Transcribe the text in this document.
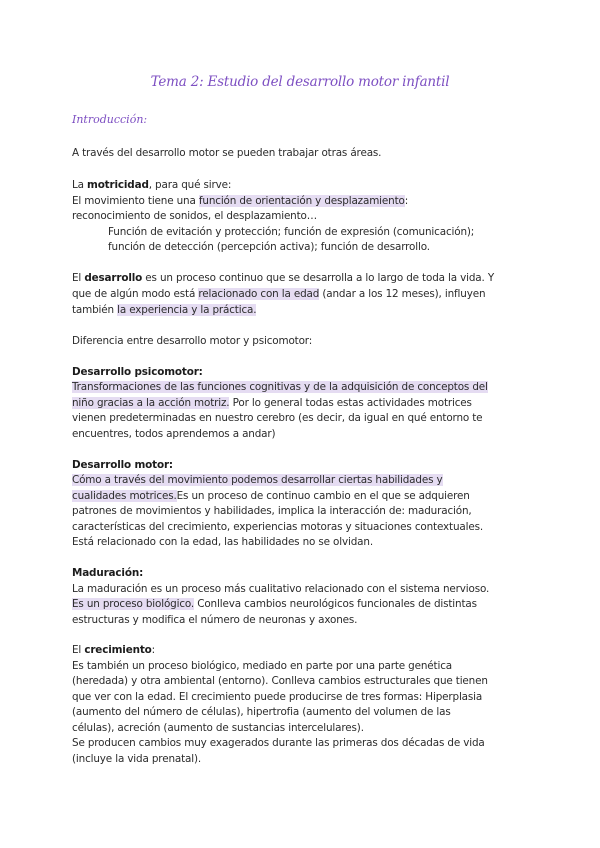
Tema 2: Estudio del desarrollo motor infantil
Introducción:
A través del desarrollo motor se pueden trabajar otras áreas.
La motricidad, para qué sirve:
El movimiento tiene una función de orientación y desplazamiento:
reconocimiento de sonidos, el desplazamiento…
Función de evitación y protección; función de expresión (comunicación);
función de detección (percepción activa); función de desarrollo.
El desarrollo es un proceso continuo que se desarrolla a lo largo de toda la vida. Y
que de algún modo está relacionado con la edad (andar a los 12 meses), influyen
también la experiencia y la práctica.
Diferencia entre desarrollo motor y psicomotor:
Desarrollo psicomotor:
Transformaciones de las funciones cognitivas y de la adquisición de conceptos del
niño gracias a la acción motriz. Por lo general todas estas actividades motrices
vienen predeterminadas en nuestro cerebro (es decir, da igual en qué entorno te
encuentres, todos aprendemos a andar)
Desarrollo motor:
Cómo a través del movimiento podemos desarrollar ciertas habilidades y
cualidades motrices.Es un proceso de continuo cambio en el que se adquieren
patrones de movimientos y habilidades, implica la interacción de: maduración,
características del crecimiento, experiencias motoras y situaciones contextuales.
Está relacionado con la edad, las habilidades no se olvidan.
Maduración:
La maduración es un proceso más cualitativo relacionado con el sistema nervioso.
Es un proceso biológico. Conlleva cambios neurológicos funcionales de distintas
estructuras y modifica el número de neuronas y axones.
El crecimiento:
Es también un proceso biológico, mediado en parte por una parte genética
(heredada) y otra ambiental (entorno). Conlleva cambios estructurales que tienen
que ver con la edad. El crecimiento puede producirse de tres formas: Hiperplasia
(aumento del número de células), hipertrofia (aumento del volumen de las
células), acreción (aumento de sustancias intercelulares).
Se producen cambios muy exagerados durante las primeras dos décadas de vida
(incluye la vida prenatal).
